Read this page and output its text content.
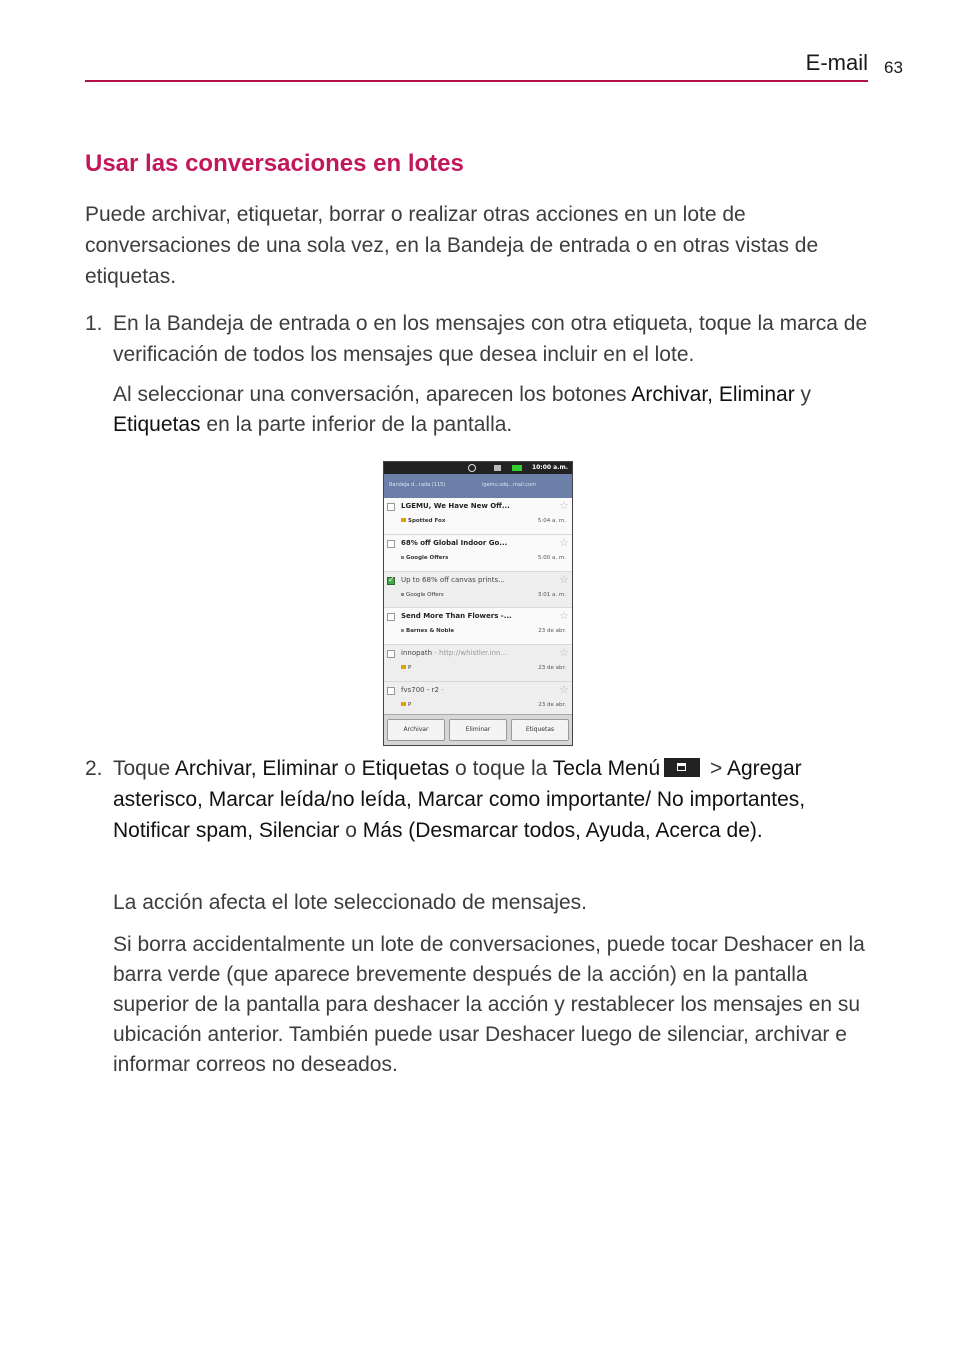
E-mail 63
Usar las conversaciones en lotes
Puede archivar, etiquetar, borrar o realizar otras acciones en un lote de conversaciones de una sola vez, en la Bandeja de entrada o en otras vistas de etiquetas.
1. En la Bandeja de entrada o en los mensajes con otra etiqueta, toque la marca de verificación de todos los mensajes que desea incluir en el lote.
Al seleccionar una conversación, aparecen los botones Archivar, Eliminar y Etiquetas en la parte inferior de la pantalla.
10:00 a.m.
Bandeja d...rada (115)	lgemu.sdq...mail.com
LGEMU, We Have New Off...
Spotted Fox	5:04 a. m.
☆
68% off Global Indoor Go...
Google Offers	5:00 a. m.
☆
✓
Up to 68% off canvas prints...
Google Offers	3:01 a. m.
☆
Send More Than Flowers -...
Barnes & Noble	23 de abr.
☆
innopath - http://whistler.inn...
P	23 de abr.
☆
fvs700 - r2 -
P	23 de abr.
☆
Archivar	Eliminar	Etiquetas
2. Toque Archivar, Eliminar o Etiquetas o toque la Tecla Menú
> Agregar asterisco, Marcar leída/no leída, Marcar como importante/ No importantes, Notificar spam, Silenciar o Más (Desmarcar todos, Ayuda, Acerca de).
La acción afecta el lote seleccionado de mensajes.
Si borra accidentalmente un lote de conversaciones, puede tocar Deshacer en la barra verde (que aparece brevemente después de la acción) en la pantalla superior de la pantalla para deshacer la acción y restablecer los mensajes en su ubicación anterior. También puede usar Deshacer luego de silenciar, archivar e informar correos no deseados.
